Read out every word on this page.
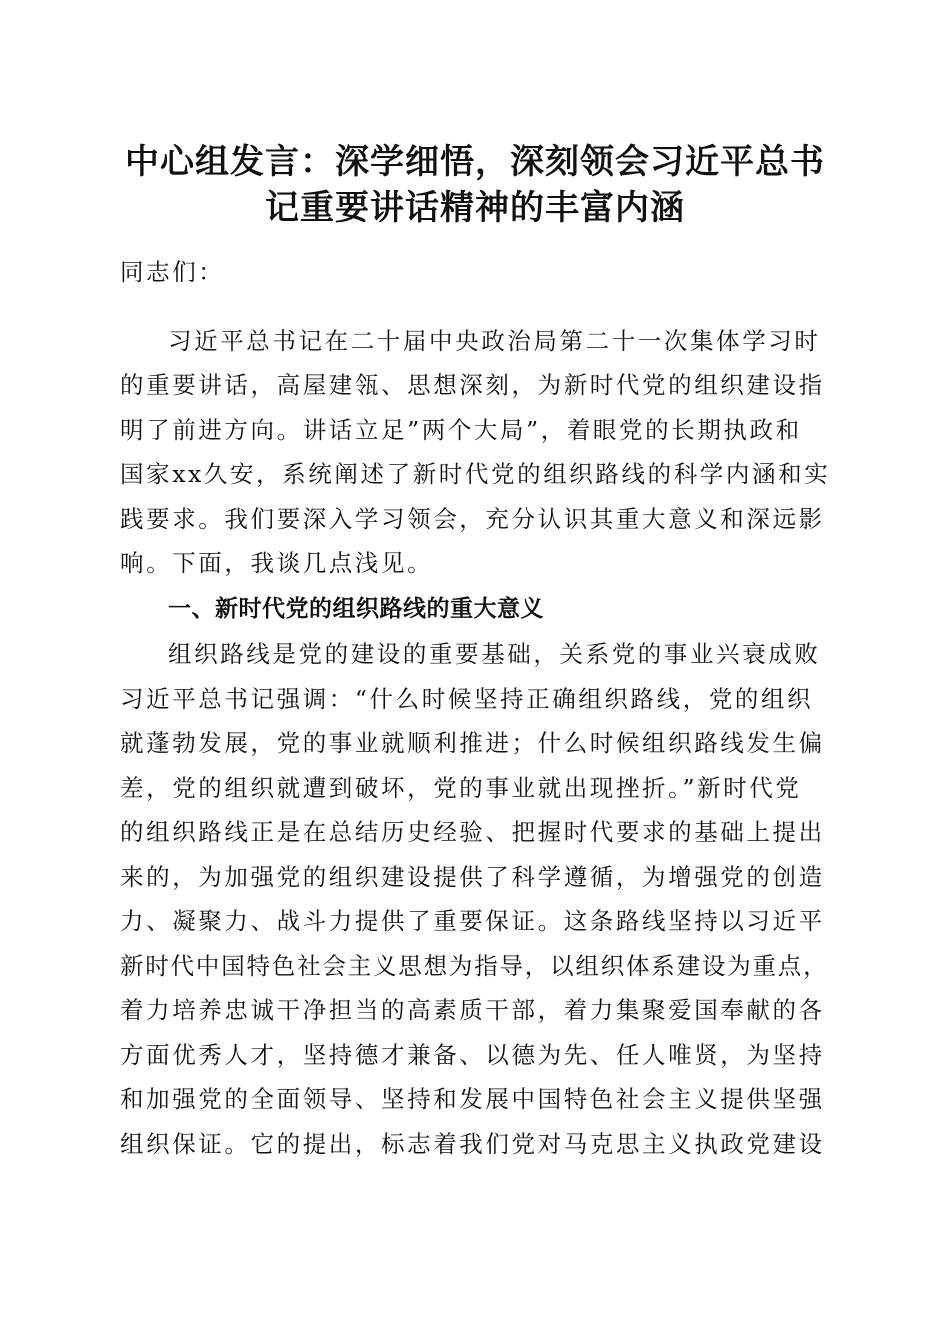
中心组发言：深学细悟，深刻领会习近平总书
记重要讲话精神的丰富内涵
同志们：
习近平总书记在二十届中央政治局第二十一次集体学习时
的重要讲话，高屋建瓴、思想深刻，为新时代党的组织建设指
明了前进方向。讲话立足”两个大局”，着眼党的长期执政和
国家xx久安，系统阐述了新时代党的组织路线的科学内涵和实
践要求。我们要深入学习领会，充分认识其重大意义和深远影
响。下面，我谈几点浅见。
一、新时代党的组织路线的重大意义
组织路线是党的建设的重要基础，关系党的事业兴衰成败
习近平总书记强调：“什么时候坚持正确组织路线，党的组织
就蓬勃发展，党的事业就顺利推进；什么时候组织路线发生偏
差，党的组织就遭到破坏，党的事业就出现挫折。”新时代党
的组织路线正是在总结历史经验、把握时代要求的基础上提出
来的，为加强党的组织建设提供了科学遵循，为增强党的创造
力、凝聚力、战斗力提供了重要保证。这条路线坚持以习近平
新时代中国特色社会主义思想为指导，以组织体系建设为重点，
着力培养忠诚干净担当的高素质干部，着力集聚爱国奉献的各
方面优秀人才，坚持德才兼备、以德为先、任人唯贤，为坚持
和加强党的全面领导、坚持和发展中国特色社会主义提供坚强
组织保证。它的提出，标志着我们党对马克思主义执政党建设
